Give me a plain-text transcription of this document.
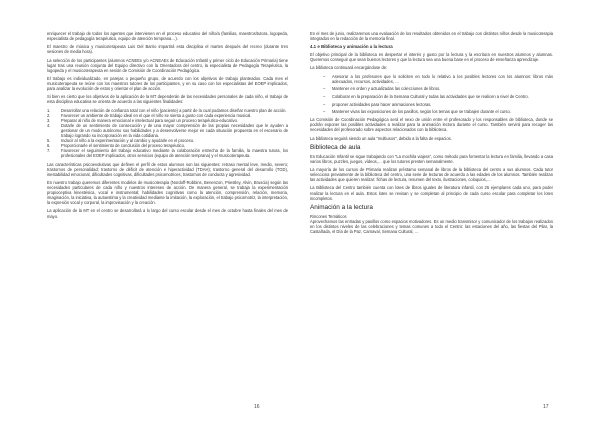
enriquecer el trabajo de todos los agentes que intervienen en el proceso educativo del niño/a (familias, maestros/tutora, logopeda, especialista de pedagogía terapéutica, equipo de atención temprana…).

El maestro de música y musicoterapeuta Luis Del Barrio impartirá esta disciplina el martes después del recreo (durante tres sesiones de media hora).

La selección de los participantes (alumnos ACNEEs y/o ACNEAEs de Educación Infantil y primer ciclo de Educación Primaria) tiene lugar tras una reunión conjunta del Equipo directivo con la Orientadora del centro, la especialista de Pedagogía Terapéutica, la logopeda y el musicoterapeuta en sesión de Comisión de Coordinación Pedagógica.

El trabajo es individualizado, en parejas o pequeño grupo, de acuerdo con los objetivos de trabajo planteados. Cada mes el musicoterapeuta se reúne con los maestros tutores de los participantes, y en su caso con los especialistas del EOEP implicados, para analizar la evolución de estos y orientar el plan de acción.

Si bien es cierto que los objetivos de la aplicación de la MT dependerán de las necesidades personales de cada niño, el trabajo de esta disciplina educativa se orienta de acuerdo a las siguientes finalidades:

1.	Desarrollar una relación de confianza total con el niño (paciente) a partir de la cual podamos diseñar nuestro plan de acción.
2.	Favorecer un ambiente de trabajo ideal en el que el niño se sienta a gusto con cada experiencia musical.
3.	Preparar al niño de manera emocional e intelectual para seguir un proceso terapéutico-educativo.
4.	Dotarle de un sentimiento de consecución y de una mayor comprensión de las propias necesidades que le ayuden a gestionar de un modo autónomo sus habilidades y a desenvolverse mejor en cada situación propuesta en el escenario de trabajo logrando su incorporación en la vida cotidiana.
5.	Inducir al niño a la experimentación y al cambio y ayudarle en el proceso.
6.	Proporcionarle el sentimiento de conclusión del proceso terapéutico.
7.	Favorecer el seguimiento del trabajo educativo mediante la colaboración estrecha de la familia, la maestra tutora, los profesionales del EOEP implicados, otros servicios (equipo de atención temprana) y el musicoterapeuta.

Las características psicoevolutivas que definen el perfil de estos alumnos son las siguientes: retraso mental leve, medio, severo; trastornos de personalidad; trastorno de déficit de atención e hiperactividad (TDAH); trastorno general del desarrollo (TGD), inestabilidad emocional, dificultades cognitivas, dificultades psicomotrices, trastornos de conducta y agresividad.

En nuestro trabajo queremos diferentes modelos de musicoterapia (Nordoff-Robbins, Benenzon, Priestley, Alvin, Bruscia) según las necesidades particulares de cada niño y nuestros intereses de acción. De manera general, se trabaja la experimentación propioceptiva kinestésica, vocal e instrumental; habilidades cognitivas como la atención, comprensión, relación, memoria, imaginación, la iniciativa, la autoestima y la creatividad mediante la imitación, la exploración, el trabajo psicomotriz, la interpretación, la expresión vocal y corporal, la improvisación y la creación.

La aplicación de la MT en el centro se desarrollará a lo largo del curso escolar desde el mes de octubre hasta finales del mes de mayo.

16

En el mes de junio, realizaremos una evaluación de los resultados obtenidos en el trabajo con distintos niños desde la musicoterapia integrados en la redacción de la memoria final.

4.1 e Biblioteca y animación a la lectura

El objetivo principal de la biblioteca es despertar el interés y gusto por la lectura y la escritura en nuestros alumnos y alumnas. Queremos conseguir que sean buenos lectores y que la lectura sea una buena base en el proceso de enseñanza aprendizaje.

La biblioteca continuará encargándose de:

– Asesorar a los profesores que lo soliciten en todo lo relativo a los posibles lectores con los alumnos: libros más adecuados, recursos, actividades, …
– Mantener en orden y actualizadas las colecciones de libros.
– Colaborar en la preparación de la Semana Cultural y todas las actividades que se realicen a nivel de Centro.
– proponer actividades para hacer animaciones lectoras.
– Mantener vivas las exposiciones de los pasillos, según los temas que se trabajen durante el curso.

La Comisión de Coordinación Pedagógica será el nexo de unión entre el profesorado y los responsables de biblioteca, donde se podrán exponer las posibles actividades a realizar para la animación lectora durante el curso. También servirá para recoger las necesidades del profesorado sobre aspectos relacionados con la biblioteca.

La biblioteca seguirá siendo un aula “multiusos”, debido a la falta de espacios.

Biblioteca de aula

En Educación Infantil se sigue trabajando con “La mochila viajera”, como método para fomentar la lectura en familia, llevando a casa varios libros, puzzles, juegos, vídeos,… que los tutores presten semanalmente.

La mayoría de los cursos de Primaria realizan préstamo semanal de libros de la biblioteca del centro a sus alumnos. Cada tutor selecciona previamente de la biblioteca del centro, una serie de lecturas de acuerdo a las edades de los alumnos. También realizan las actividades que quieren realizar: fichas de lectura, resumen del texto, ilustraciones, coloquios,…

La Biblioteca del Centro también cuenta con lotes de libros iguales de literatura infantil, con 25 ejemplares cada uno, para poder realizar la lectura en el aula. Estos lotes se revisan y se completan al principio de cada curso escolar para completar los lotes incompletos.

Animación a la lectura
Rincones Temáticos

Aprovechamos las entradas y pasillos como espacios motivadores. Es un medio transmisor y comunicador de los trabajos realizados en los distintos niveles de las celebraciones y temas comunes a todo el Centro: las estaciones del año, las fiestas del Pilar, la Castañada, el Día de la Paz, Carnaval, Semana Cultural, …

17
